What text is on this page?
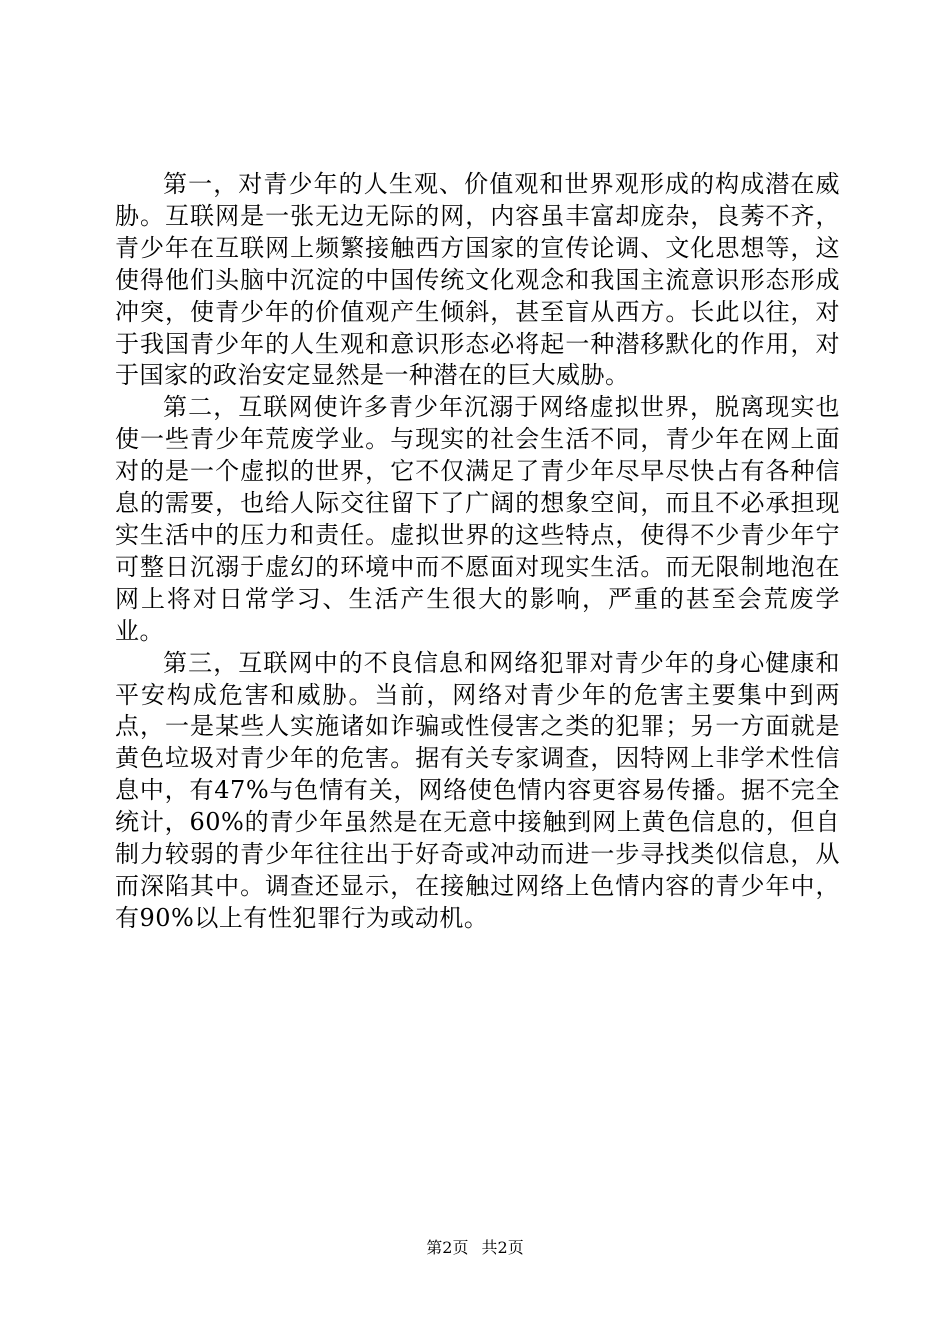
第一，对青少年的人生观、价值观和世界观形成的构成潜在威胁。互联网是一张无边无际的网，内容虽丰富却庞杂，良莠不齐，青少年在互联网上频繁接触西方国家的宣传论调、文化思想等，这使得他们头脑中沉淀的中国传统文化观念和我国主流意识形态形成冲突，使青少年的价值观产生倾斜，甚至盲从西方。长此以往，对于我国青少年的人生观和意识形态必将起一种潜移默化的作用，对于国家的政治安定显然是一种潜在的巨大威胁。

第二，互联网使许多青少年沉溺于网络虚拟世界，脱离现实也使一些青少年荒废学业。与现实的社会生活不同，青少年在网上面对的是一个虚拟的世界，它不仅满足了青少年尽早尽快占有各种信息的需要，也给人际交往留下了广阔的想象空间，而且不必承担现实生活中的压力和责任。虚拟世界的这些特点，使得不少青少年宁可整日沉溺于虚幻的环境中而不愿面对现实生活。而无限制地泡在网上将对日常学习、生活产生很大的影响，严重的甚至会荒废学业。

第三，互联网中的不良信息和网络犯罪对青少年的身心健康和平安构成危害和威胁。当前，网络对青少年的危害主要集中到两点，一是某些人实施诸如诈骗或性侵害之类的犯罪；另一方面就是黄色垃圾对青少年的危害。据有关专家调查，因特网上非学术性信息中，有47%与色情有关，网络使色情内容更容易传播。据不完全统计，60%的青少年虽然是在无意中接触到网上黄色信息的，但自制力较弱的青少年往往出于好奇或冲动而进一步寻找类似信息，从而深陷其中。调查还显示，在接触过网络上色情内容的青少年中，有90%以上有性犯罪行为或动机。

第2页 共2页
